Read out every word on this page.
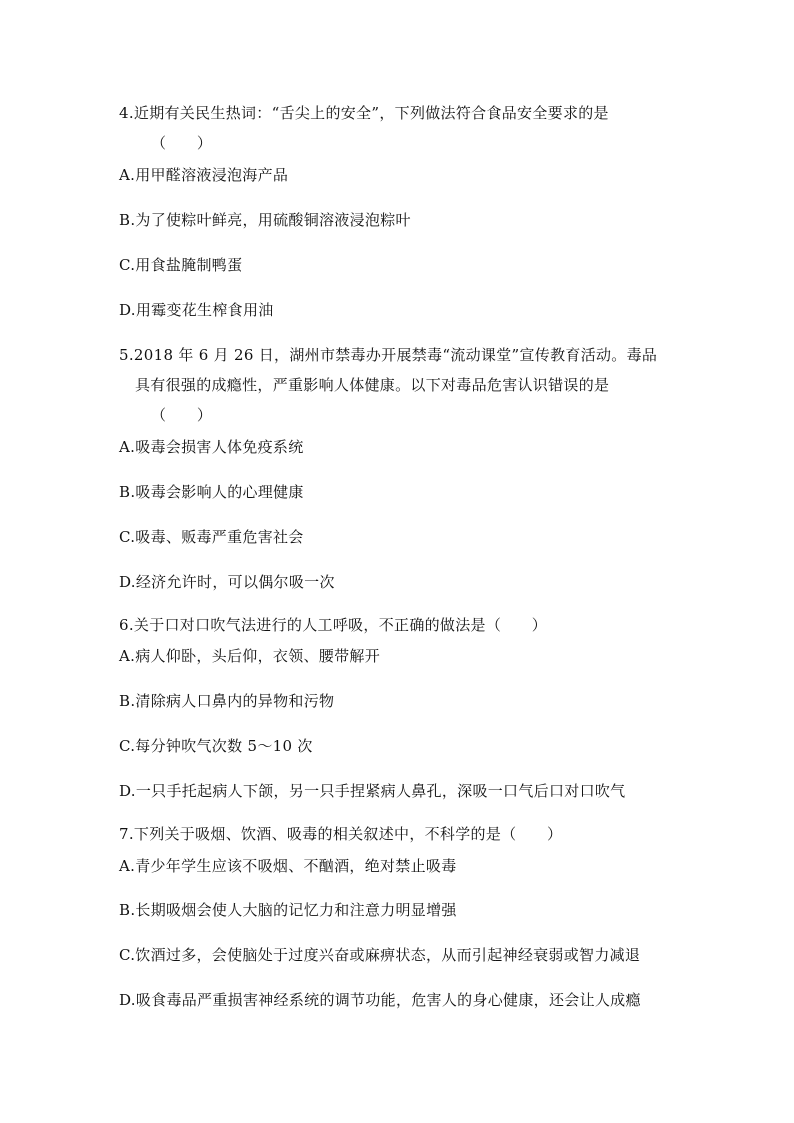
4.近期有关民生热词：“舌尖上的安全”，下列做法符合食品安全要求的是
（　　）
A.用甲醛溶液浸泡海产品
B.为了使粽叶鲜亮，用硫酸铜溶液浸泡粽叶
C.用食盐腌制鸭蛋
D.用霉变花生榨食用油
5.2018 年 6 月 26 日，湖州市禁毒办开展禁毒“流动课堂”宣传教育活动。毒品
具有很强的成瘾性，严重影响人体健康。以下对毒品危害认识错误的是
（　　）
A.吸毒会损害人体免疫系统
B.吸毒会影响人的心理健康
C.吸毒、贩毒严重危害社会
D.经济允许时，可以偶尔吸一次
6.关于口对口吹气法进行的人工呼吸，不正确的做法是（　　）
A.病人仰卧，头后仰，衣领、腰带解开
B.清除病人口鼻内的异物和污物
C.每分钟吹气次数 5～10 次
D.一只手托起病人下颌，另一只手捏紧病人鼻孔，深吸一口气后口对口吹气
7.下列关于吸烟、饮酒、吸毒的相关叙述中，不科学的是（　　）
A.青少年学生应该不吸烟、不酗酒，绝对禁止吸毒
B.长期吸烟会使人大脑的记忆力和注意力明显增强
C.饮酒过多，会使脑处于过度兴奋或麻痹状态，从而引起神经衰弱或智力减退
D.吸食毒品严重损害神经系统的调节功能，危害人的身心健康，还会让人成瘾
